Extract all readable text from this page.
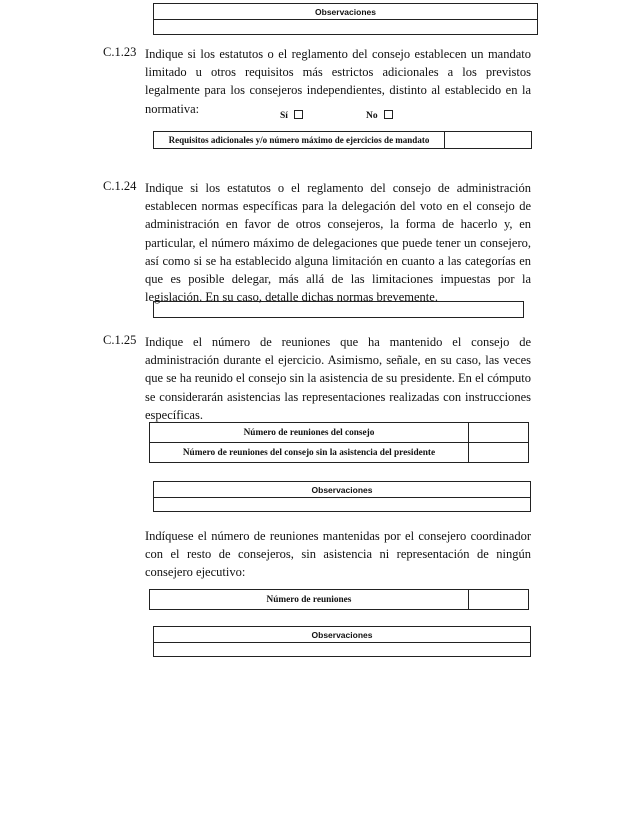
Observaciones

C.1.23 Indique si los estatutos o el reglamento del consejo establecen un mandato limitado u otros requisitos más estrictos adicionales a los previstos legalmente para los consejeros independientes, distinto al establecido en la normativa:

Sí	No
Requisitos adicionales y/o número máximo de ejercicios de mandato	
C.1.24 Indique si los estatutos o el reglamento del consejo de administración establecen normas específicas para la delegación del voto en el consejo de administración en favor de otros consejeros, la forma de hacerlo y, en particular, el número máximo de delegaciones que puede tener un consejero, así como si se ha establecido alguna limitación en cuanto a las categorías en que es posible delegar, más allá de las limitaciones impuestas por la legislación. En su caso, detalle dichas normas brevemente.

C.1.25 Indique el número de reuniones que ha mantenido el consejo de administración durante el ejercicio. Asimismo, señale, en su caso, las veces que se ha reunido el consejo sin la asistencia de su presidente. En el cómputo se considerarán asistencias las representaciones realizadas con instrucciones específicas.

Número de reuniones del consejo	
Número de reuniones del consejo sin la asistencia del presidente	
Observaciones

Indíquese el número de reuniones mantenidas por el consejero coordinador con el resto de consejeros, sin asistencia ni representación de ningún consejero ejecutivo:

Número de reuniones	
Observaciones
